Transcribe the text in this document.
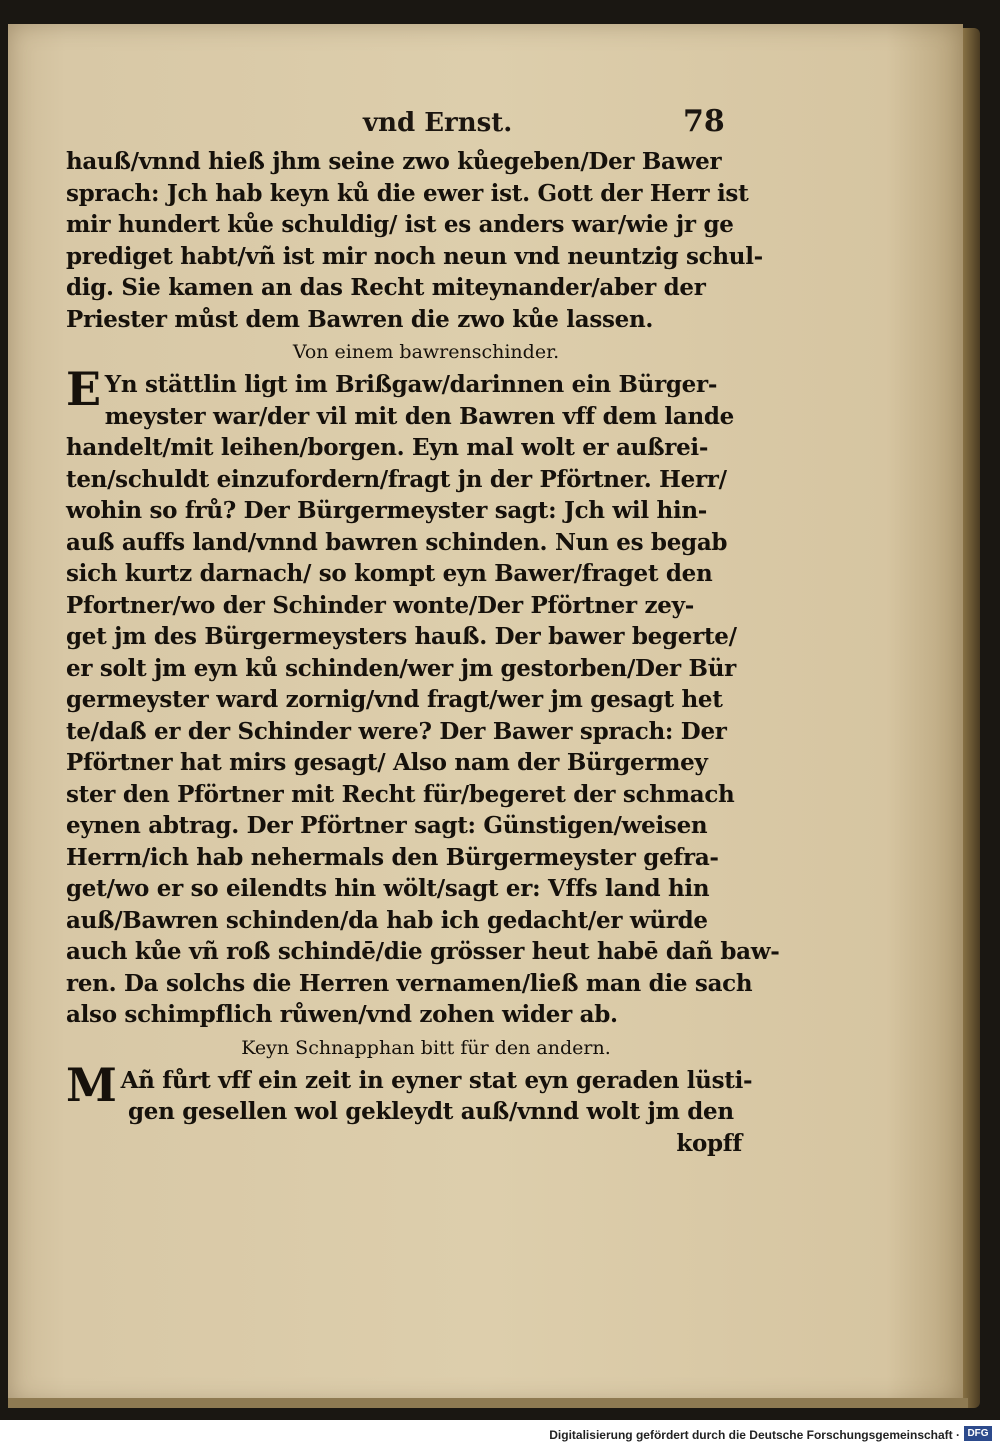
vnd Ernst.	78
hauß/vnnd hieß jhm seine zwo kůegeben/Der Bawer
sprach: Jch hab keyn ků die ewer ist. Gott der Herr ist
mir hundert kůe schuldig/ ist es anders war/wie jr ge
prediget habt/vñ ist mir noch neun vnd neuntzig schul-
dig. Sie kamen an das Recht miteynander/aber der
Priester můst dem Bawren die zwo kůe lassen.
Von einem bawrenschinder.
E Yn stättlin ligt im Brißgaw/darinnen ein Bürger-
meyster war/der vil mit den Bawren vff dem lande
handelt/mit leihen/borgen. Eyn mal wolt er außrei-
ten/schuldt einzufordern/fragt jn der Pförtner. Herr/
wohin so frů? Der Bürgermeyster sagt: Jch wil hin-
auß auffs land/vnnd bawren schinden. Nun es begab
sich kurtz darnach/ so kompt eyn Bawer/fraget den
Pfortner/wo der Schinder wonte/Der Pförtner zey-
get jm des Bürgermeysters hauß. Der bawer begerte/
er solt jm eyn ků schinden/wer jm gestorben/Der Bür
germeyster ward zornig/vnd fragt/wer jm gesagt het
te/daß er der Schinder were? Der Bawer sprach: Der
Pförtner hat mirs gesagt/ Also nam der Bürgermey
ster den Pförtner mit Recht für/begeret der schmach
eynen abtrag. Der Pförtner sagt: Günstigen/weisen
Herrn/ich hab nehermals den Bürgermeyster gefra-
get/wo er so eilendts hin wölt/sagt er: Vffs land hin
auß/Bawren schinden/da hab ich gedacht/er würde
auch kůe vñ roß schindē/die grösser heut habē dañ baw-
ren. Da solchs die Herren vernamen/ließ man die sach
also schimpflich růwen/vnd zohen wider ab.
Keyn Schnapphan bitt für den andern.
M Añ fůrt vff ein zeit in eyner stat eyn geraden lüsti-
gen gesellen wol gekleydt auß/vnnd wolt jm den
kopff
Digitalisierung gefördert durch die Deutsche Forschungsgemeinschaft · DFG
